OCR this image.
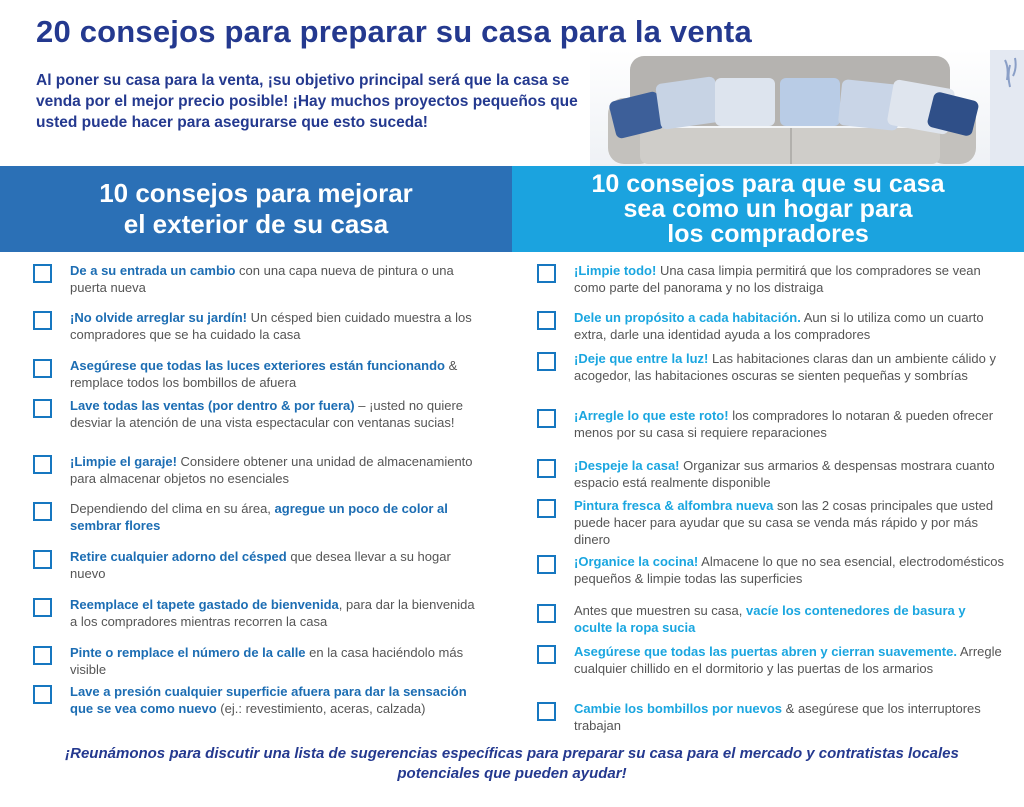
20 consejos para preparar su casa para la venta
Al poner su casa para la venta, ¡su objetivo principal será que la casa se venda por el mejor precio posible! ¡Hay muchos proyectos pequeños que usted puede hacer para asegurarse que esto suceda!
10 consejos para mejorar
el exterior de su casa
10 consejos para que su casa
sea como un hogar para
los compradores
De a su entrada un cambio con una capa nueva de pintura o una puerta nueva
¡No olvide arreglar su jardín! Un césped bien cuidado muestra a los compradores que se ha cuidado la casa
Asegúrese que todas las luces exteriores están funcionando & remplace todos los bombillos de afuera
Lave todas las ventas (por dentro & por fuera) – ¡usted no quiere desviar la atención de una vista espectacular con ventanas sucias!
¡Limpie el garaje! Considere obtener una unidad de almacenamiento para almacenar objetos no esenciales
Dependiendo del clima en su área, agregue un poco de color al sembrar flores
Retire cualquier adorno del césped que desea llevar a su hogar nuevo
Reemplace el tapete gastado de bienvenida, para dar la bienvenida a los compradores mientras recorren la casa
Pinte o remplace el número de la calle en la casa haciéndolo más visible
Lave a presión cualquier superficie afuera para dar la sensación que se vea como nuevo (ej.: revestimiento, aceras, calzada)
¡Limpie todo! Una casa limpia permitirá que los compradores se vean como parte del panorama y no los distraiga
Dele un propósito a cada habitación. Aun si lo utiliza como un cuarto extra, darle una identidad ayuda a los compradores
¡Deje que entre la luz! Las habitaciones claras dan un ambiente cálido y acogedor, las habitaciones oscuras se sienten pequeñas y sombrías
¡Arregle lo que este roto! los compradores lo notaran & pueden ofrecer menos por su casa si requiere reparaciones
¡Despeje la casa! Organizar sus armarios & despensas mostrara cuanto espacio está realmente disponible
Pintura fresca & alfombra nueva son las 2 cosas principales que usted puede hacer para ayudar que su casa se venda más rápido y por más dinero
¡Organice la cocina! Almacene lo que no sea esencial, electrodomésticos pequeños & limpie todas las superficies
Antes que muestren su casa, vacíe los contenedores de basura y oculte la ropa sucia
Asegúrese que todas las puertas abren y cierran suavemente. Arregle cualquier chillido en el dormitorio y las puertas de los armarios
Cambie los bombillos por nuevos & asegúrese que los interruptores trabajan
¡Reunámonos para discutir una lista de sugerencias específicas para preparar su casa para el mercado y contratistas locales potenciales que pueden ayudar!
